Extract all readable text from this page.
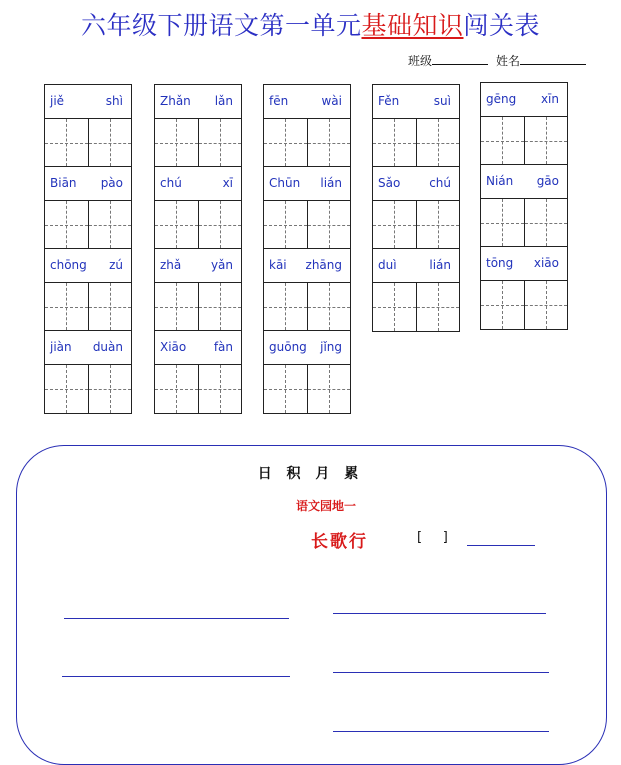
六年级下册语文第一单元基础知识闯关表
班级	姓名
jiě	shì
Biān pào
chōng zú
jiàn duàn
Zhǎn lǎn
chú	xī
zhǎ yǎn
Xiāo fàn
fēn	wài
Chūn lián
kāi zhāng
guōng jǐng
Fěn	suì
Sǎo chú
duì	lián
gēng xīn
Nián gāo
tōng xiāo
日 积 月 累
语文园地一
长歌行	[     ]
